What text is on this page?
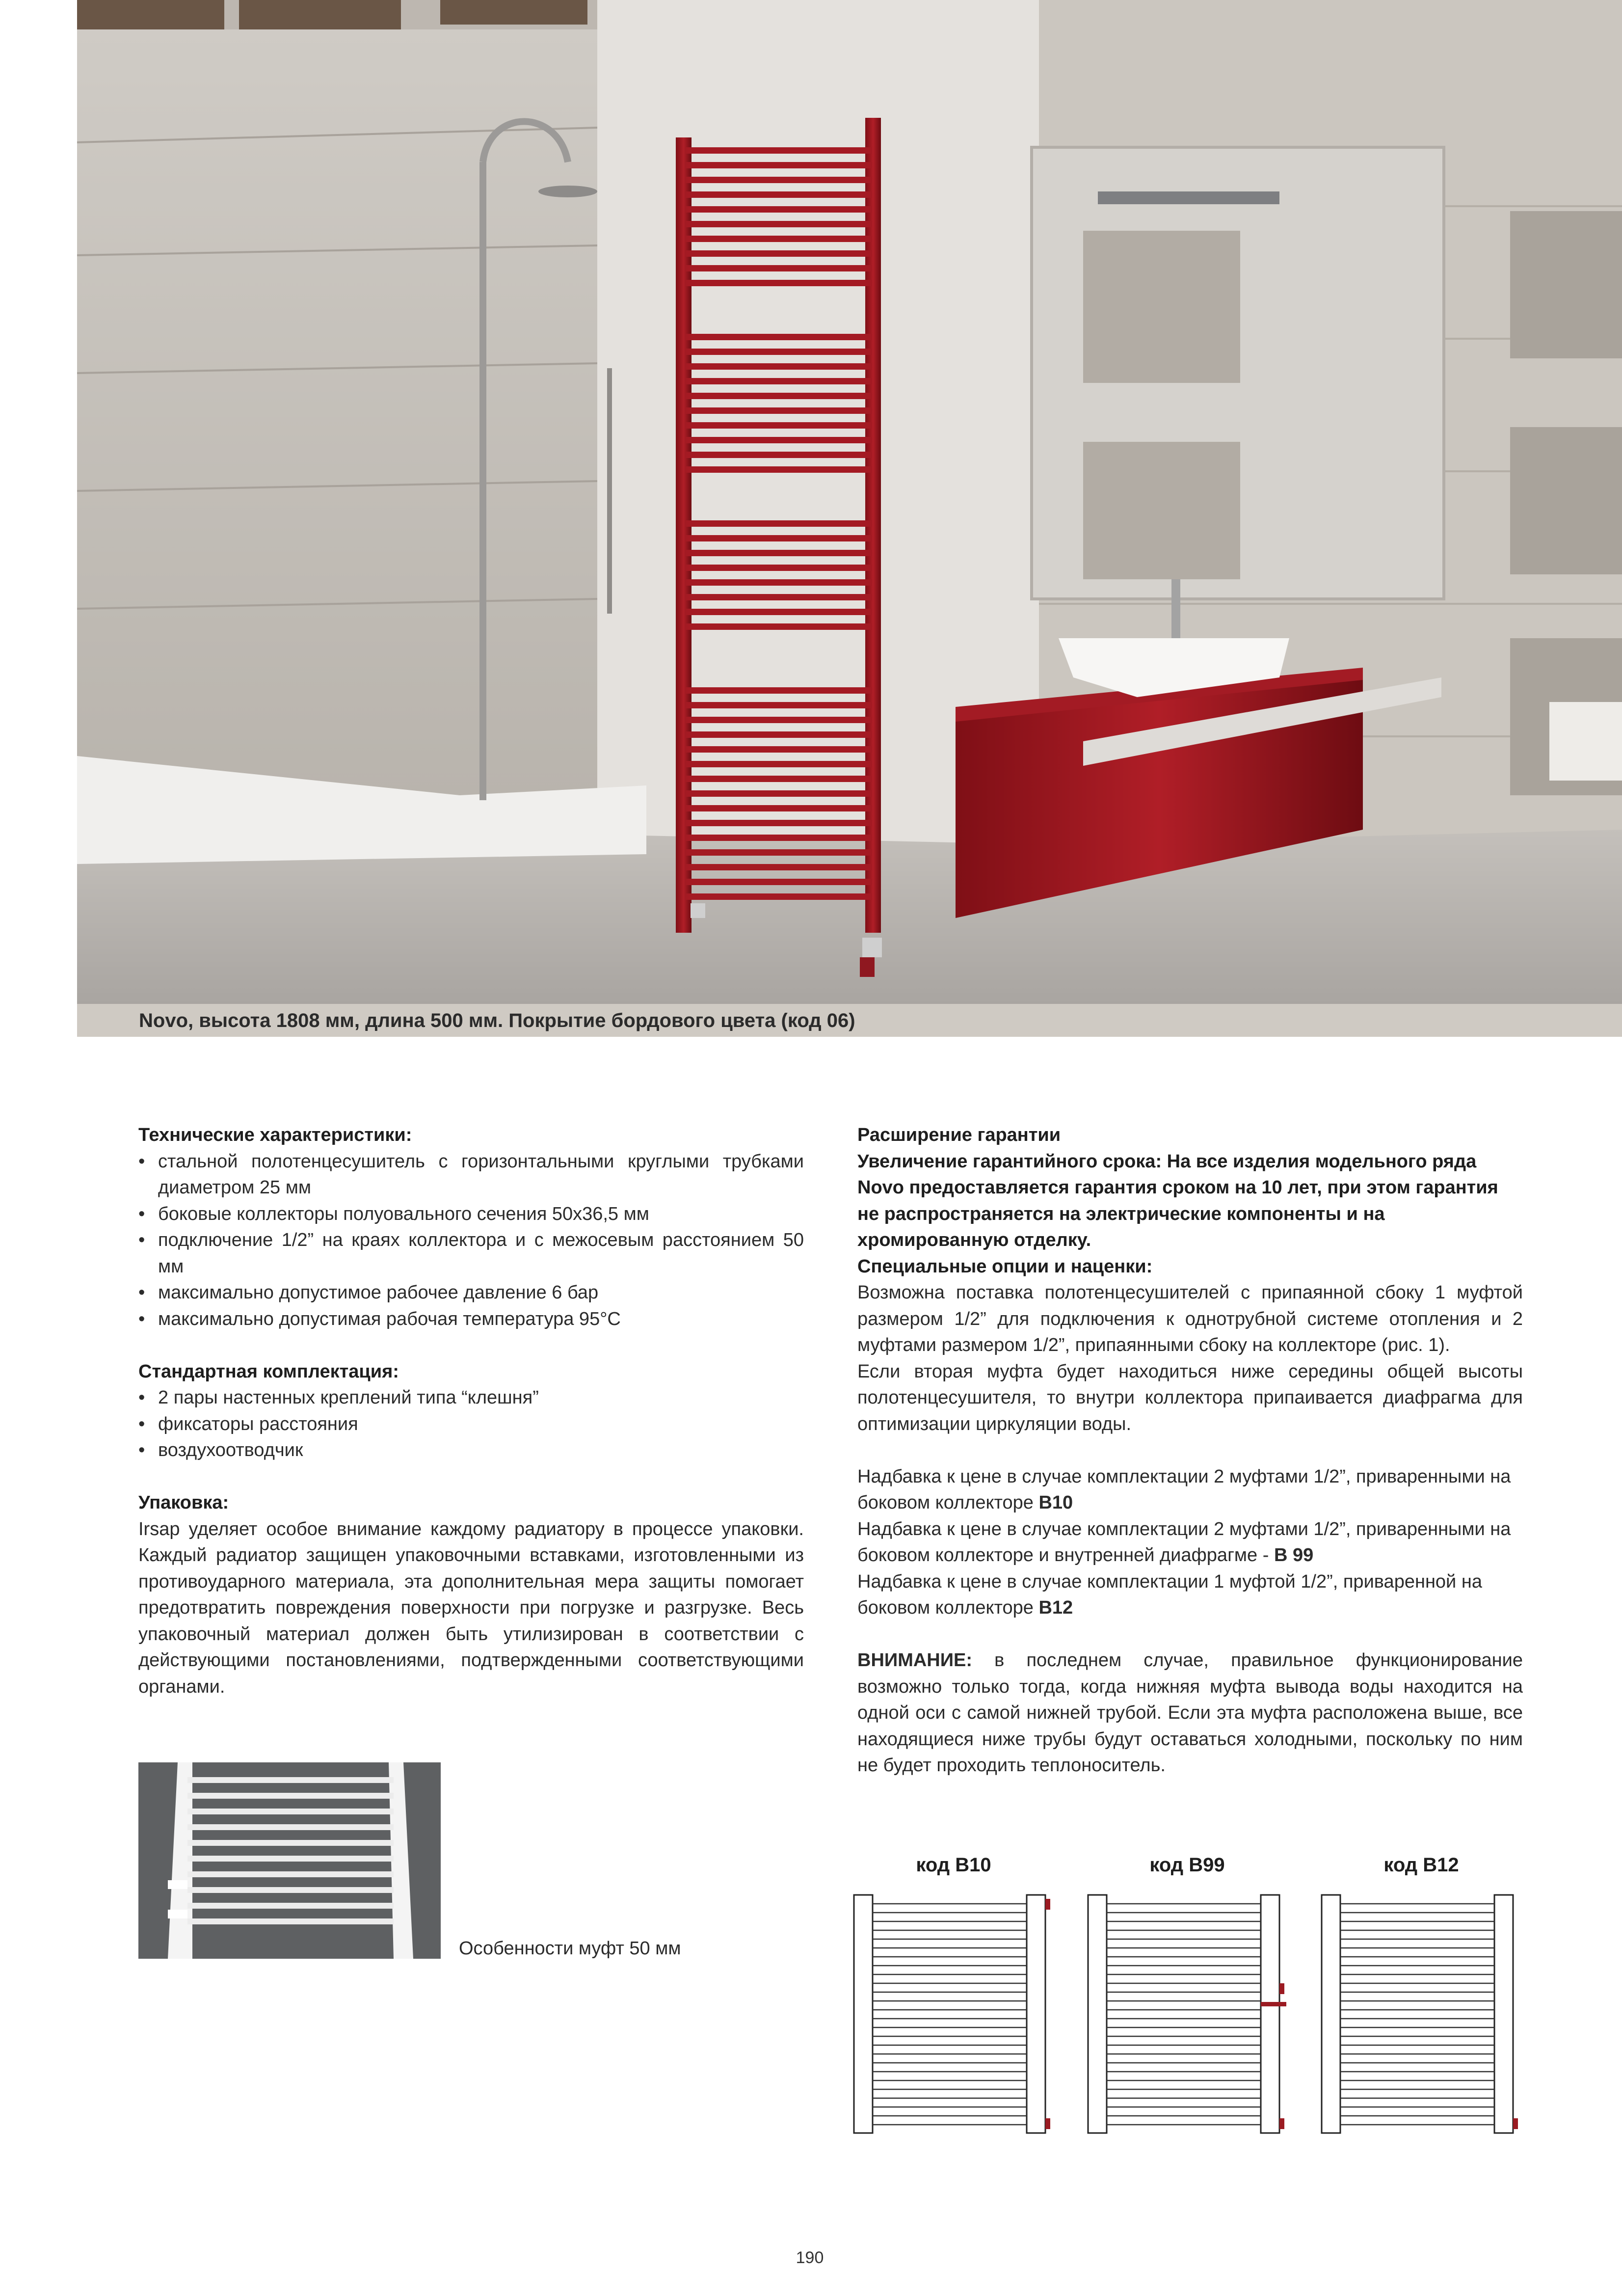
Novo, высота 1808 мм, длина 500 мм. Покрытие бордового цвета (код 06)
Технические характеристики:
• стальной полотенцесушитель с горизонтальными круглыми трубками диаметром 25 мм
• боковые коллекторы полуовального сечения 50x36,5 мм
• подключение 1/2” на краях коллектора и с межосевым расстоянием 50 мм
• максимально допустимое рабочее давление 6 бар
• максимально допустимая рабочая температура 95°C
Стандартная комплектация:
• 2 пары настенных креплений типа “клешня”
• фиксаторы расстояния
• воздухоотводчик
Упаковка:
Irsap уделяет особое внимание каждому радиатору в процессе упаковки. Каждый радиатор защищен упаковочными вставками, изготовленными из противоударного материала, эта дополнительная мера защиты помогает предотвратить повреждения поверхности при погрузке и разгрузке. Весь упаковочный материал должен быть утилизирован в соответствии с действующими постановлениями, подтвержденными соответствующими органами.
Особенности муфт 50 мм
Расширение гарантии
Увеличение гарантийного срока: На все изделия модельного ряда Novo предоставляется гарантия сроком на 10 лет, при этом гарантия не распространяется на электрические компоненты и на хромированную отделку.
Специальные опции и наценки:
Возможна поставка полотенцесушителей с припаянной сбоку 1 муфтой размером 1/2” для подключения к однотрубной системе отопления и 2 муфтами размером 1/2”, припаянными сбоку на коллекторе (рис. 1).
Если вторая муфта будет находиться ниже середины общей высоты полотенцесушителя, то внутри коллектора припаивается диафрагма для оптимизации циркуляции воды.
Надбавка к цене в случае комплектации 2 муфтами 1/2”, приваренными на боковом коллекторе B10
Надбавка к цене в случае комплектации 2 муфтами 1/2”, приваренными на боковом коллекторе и внутренней диафрагме - B 99
Надбавка к цене в случае комплектации 1 муфтой 1/2”, приваренной на боковом коллекторе B12
ВНИМАНИЕ: в последнем случае, правильное функционирование возможно только тогда, когда нижняя муфта вывода воды находится на одной оси с самой нижней трубой. Если эта муфта расположена выше, все находящиеся ниже трубы будут оставаться холодными, поскольку по ним не будет проходить теплоноситель.
код B10	код B99	код B12
190
